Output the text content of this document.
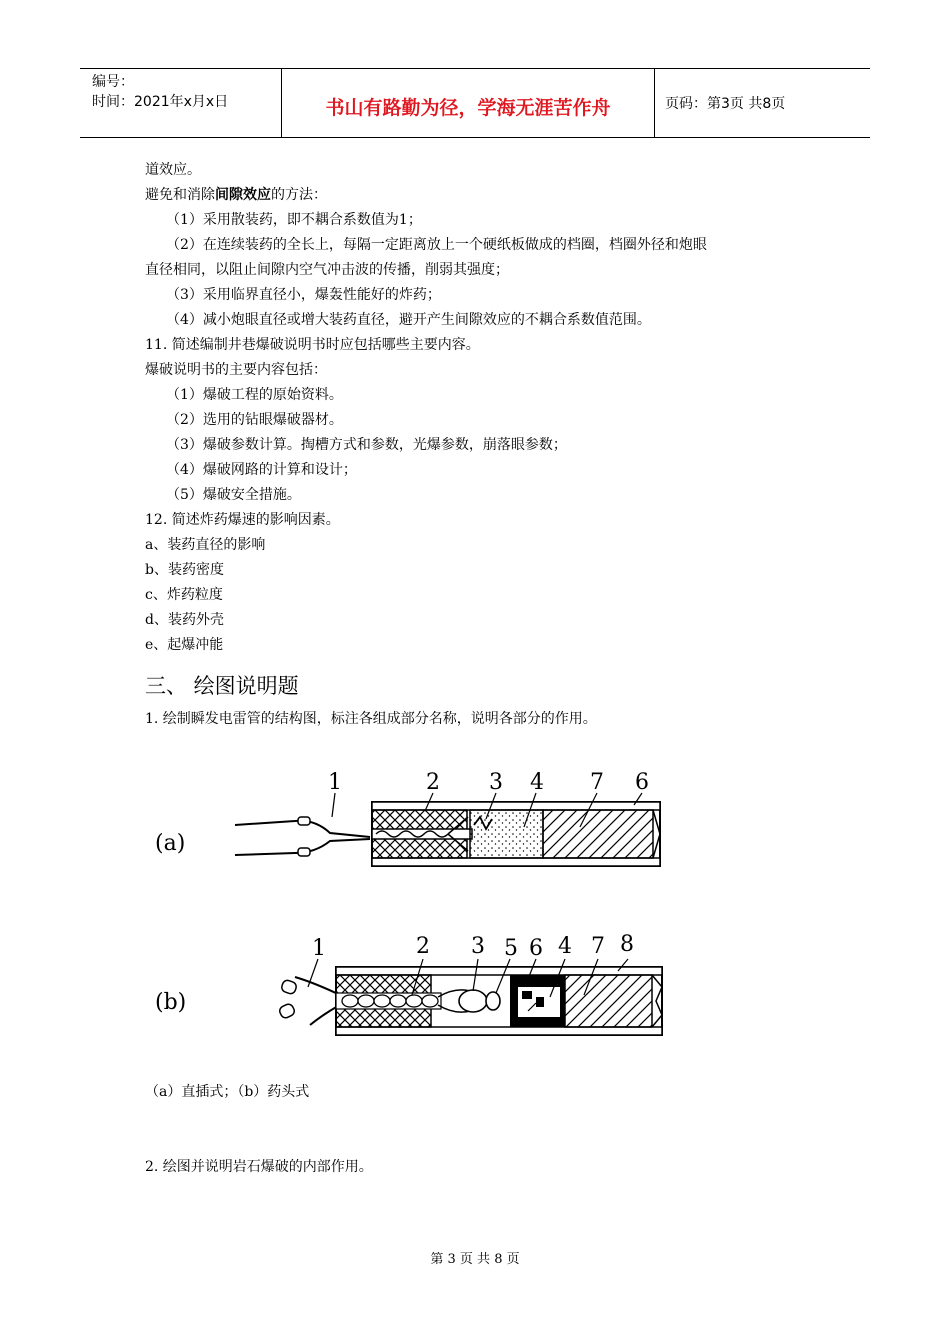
编号：
时间：2021年x月x日	书山有路勤为径，学海无涯苦作舟	页码：第3页 共8页
道效应。
避免和消除间隙效应的方法：
（1）采用散装药，即不耦合系数值为1；
（2）在连续装药的全长上，每隔一定距离放上一个硬纸板做成的档圈，档圈外径和炮眼
直径相同，以阻止间隙内空气冲击波的传播，削弱其强度；
（3）采用临界直径小，爆轰性能好的炸药；
（4）减小炮眼直径或增大装药直径，避开产生间隙效应的不耦合系数值范围。
11. 简述编制井巷爆破说明书时应包括哪些主要内容。
爆破说明书的主要内容包括：
（1）爆破工程的原始资料。
（2）选用的钻眼爆破器材。
（3）爆破参数计算。掏槽方式和参数，光爆参数，崩落眼参数；
（4）爆破网路的计算和设计；
（5）爆破安全措施。
12. 简述炸药爆速的影响因素。
a、装药直径的影响
b、装药密度
c、炸药粒度
d、装药外壳
e、起爆冲能
三、 绘图说明题
1. 绘制瞬发电雷管的结构图，标注各组成部分名称，说明各部分的作用。
(a)
1	2 3 4 7 6
(b)
1	2 3 5 6 4 7 8
（a）直插式；（b）药头式
2. 绘图并说明岩石爆破的内部作用。
第 3 页 共 8 页
